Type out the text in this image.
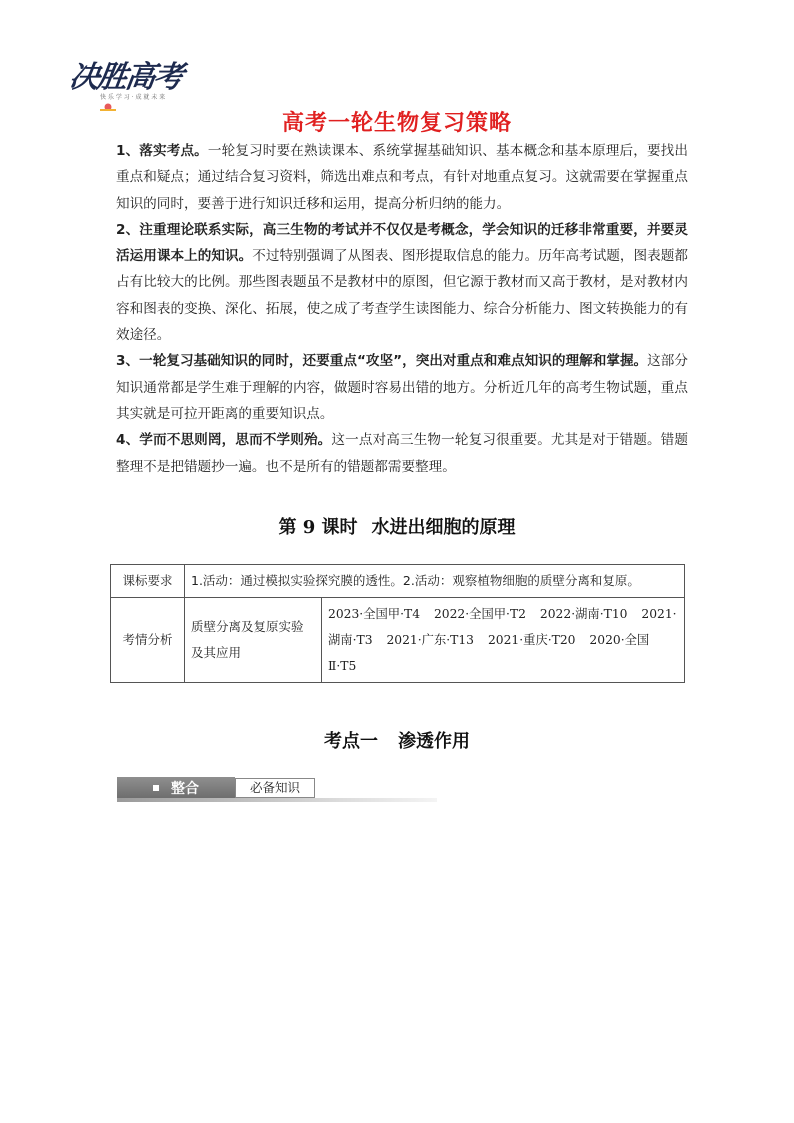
决胜高考
快 乐 学 习 · 成 就 未 来
高考一轮生物复习策略

1、落实考点。一轮复习时要在熟读课本、系统掌握基础知识、基本概念和基本原理后，要找出重点和疑点；通过结合复习资料，筛选出难点和考点，有针对地重点复习。这就需要在掌握重点知识的同时，要善于进行知识迁移和运用，提高分析归纳的能力。

2、注重理论联系实际，高三生物的考试并不仅仅是考概念，学会知识的迁移非常重要，并要灵活运用课本上的知识。不过特别强调了从图表、图形提取信息的能力。历年高考试题，图表题都占有比较大的比例。那些图表题虽不是教材中的原图，但它源于教材而又高于教材，是对教材内容和图表的变换、深化、拓展，使之成了考查学生读图能力、综合分析能力、图文转换能力的有效途径。

3、一轮复习基础知识的同时，还要重点“攻坚”，突出对重点和难点知识的理解和掌握。这部分知识通常都是学生难于理解的内容，做题时容易出错的地方。分析近几年的高考生物试题，重点其实就是可拉开距离的重要知识点。

4、学而不思则罔，思而不学则殆。这一点对高三生物一轮复习很重要。尤其是对于错题。错题整理不是把错题抄一遍。也不是所有的错题都需要整理。

第 9 课时 水进出细胞的原理
课标要求	1.活动：通过模拟实验探究膜的透性。2.活动：观察植物细胞的质壁分离和复原。	
考情分析	质壁分离及复原实验及其应用	2023·全国甲·T4 2022·全国甲·T2 2022·湖南·T10 2021·湖南·T3 2021·广东·T13 2021·重庆·T20 2020·全国Ⅱ·T5
考点一 渗透作用
整合	必备知识
